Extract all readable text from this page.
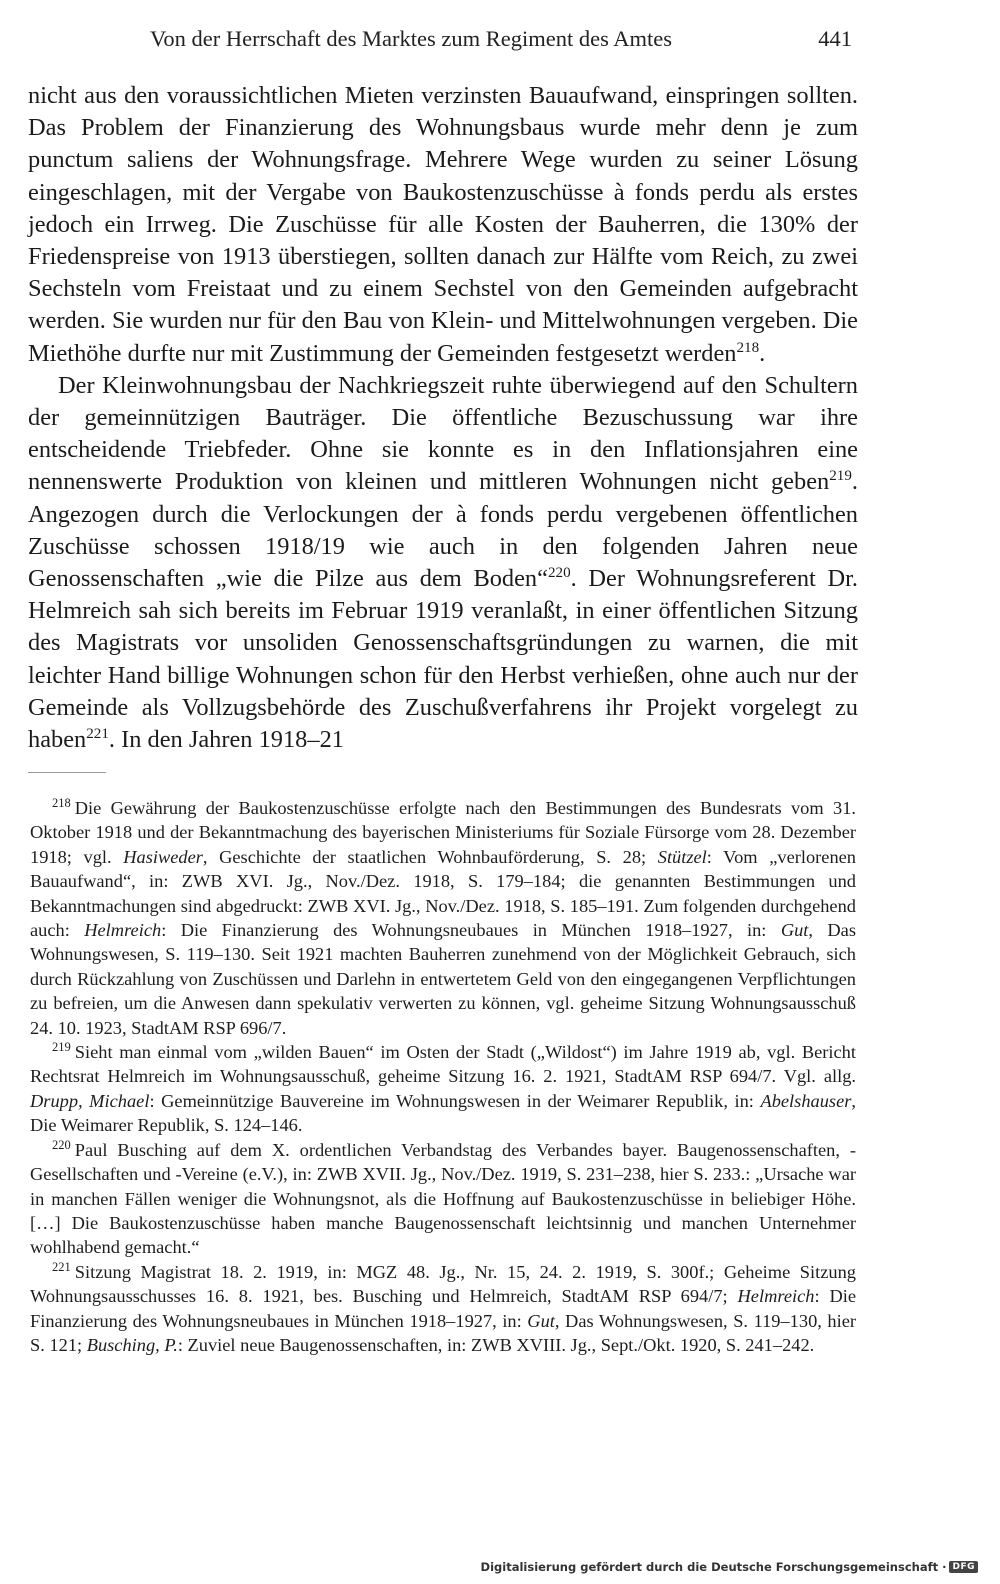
Von der Herrschaft des Marktes zum Regiment des Amtes	441

nicht aus den voraussichtlichen Mieten verzinsten Bauaufwand, einspringen sollten. Das Problem der Finanzierung des Wohnungsbaus wurde mehr denn je zum punctum saliens der Wohnungsfrage. Mehrere Wege wurden zu seiner Lösung eingeschlagen, mit der Vergabe von Baukostenzuschüsse à fonds perdu als erstes jedoch ein Irrweg. Die Zuschüsse für alle Kosten der Bauherren, die 130% der Friedenspreise von 1913 überstiegen, sollten danach zur Hälfte vom Reich, zu zwei Sechsteln vom Freistaat und zu einem Sechstel von den Gemeinden aufgebracht werden. Sie wurden nur für den Bau von Klein- und Mittelwohnungen vergeben. Die Miethöhe durfte nur mit Zustimmung der Gemeinden festgesetzt werden$^{218}$.

Der Kleinwohnungsbau der Nachkriegszeit ruhte überwiegend auf den Schultern der gemeinnützigen Bauträger. Die öffentliche Bezuschussung war ihre entscheidende Triebfeder. Ohne sie konnte es in den Inflationsjahren eine nennenswerte Produktion von kleinen und mittleren Wohnungen nicht geben$^{219}$. Angezogen durch die Verlockungen der à fonds perdu vergebenen öffentlichen Zuschüsse schossen 1918/19 wie auch in den folgenden Jahren neue Genossenschaften „wie die Pilze aus dem Boden“$^{220}$. Der Wohnungsreferent Dr. Helmreich sah sich bereits im Februar 1919 veranlaßt, in einer öffentlichen Sitzung des Magistrats vor unsoliden Genossenschaftsgründungen zu warnen, die mit leichter Hand billige Wohnungen schon für den Herbst verhießen, ohne auch nur der Gemeinde als Vollzugsbehörde des Zuschußverfahrens ihr Projekt vorgelegt zu haben$^{221}$. In den Jahren 1918–21

$^{218}$ Die Gewährung der Baukostenzuschüsse erfolgte nach den Bestimmungen des Bundesrats vom 31. Oktober 1918 und der Bekanntmachung des bayerischen Ministeriums für Soziale Fürsorge vom 28. Dezember 1918; vgl. Hasiweder, Geschichte der staatlichen Wohnbauförderung, S. 28; Stützel: Vom „verlorenen Bauaufwand“, in: ZWB XVI. Jg., Nov./Dez. 1918, S. 179–184; die genannten Bestimmungen und Bekanntmachungen sind abgedruckt: ZWB XVI. Jg., Nov./Dez. 1918, S. 185–191. Zum folgenden durchgehend auch: Helmreich: Die Finanzierung des Wohnungsneubaues in München 1918–1927, in: Gut, Das Wohnungswesen, S. 119–130. Seit 1921 machten Bauherren zunehmend von der Möglichkeit Gebrauch, sich durch Rückzahlung von Zuschüssen und Darlehn in entwertetem Geld von den eingegangenen Verpflichtungen zu befreien, um die Anwesen dann spekulativ verwerten zu können, vgl. geheime Sitzung Wohnungsausschuß 24. 10. 1923, StadtAM RSP 696/7.

$^{219}$ Sieht man einmal vom „wilden Bauen“ im Osten der Stadt („Wildost“) im Jahre 1919 ab, vgl. Bericht Rechtsrat Helmreich im Wohnungsausschuß, geheime Sitzung 16. 2. 1921, StadtAM RSP 694/7. Vgl. allg. Drupp, Michael: Gemeinnützige Bauvereine im Wohnungswesen in der Weimarer Republik, in: Abelshauser, Die Weimarer Republik, S. 124–146.

$^{220}$ Paul Busching auf dem X. ordentlichen Verbandstag des Verbandes bayer. Baugenossenschaften, -Gesellschaften und -Vereine (e.V.), in: ZWB XVII. Jg., Nov./Dez. 1919, S. 231–238, hier S. 233.: „Ursache war in manchen Fällen weniger die Wohnungsnot, als die Hoffnung auf Baukostenzuschüsse in beliebiger Höhe. […] Die Baukostenzuschüsse haben manche Baugenossenschaft leichtsinnig und manchen Unternehmer wohlhabend gemacht.“

$^{221}$ Sitzung Magistrat 18. 2. 1919, in: MGZ 48. Jg., Nr. 15, 24. 2. 1919, S. 300f.; Geheime Sitzung Wohnungsausschusses 16. 8. 1921, bes. Busching und Helmreich, StadtAM RSP 694/7; Helmreich: Die Finanzierung des Wohnungsneubaues in München 1918–1927, in: Gut, Das Wohnungswesen, S. 119–130, hier S. 121; Busching, P.: Zuviel neue Baugenossenschaften, in: ZWB XVIII. Jg., Sept./Okt. 1920, S. 241–242.

Digitalisierung gefördert durch die Deutsche Forschungsgemeinschaft · DFG
